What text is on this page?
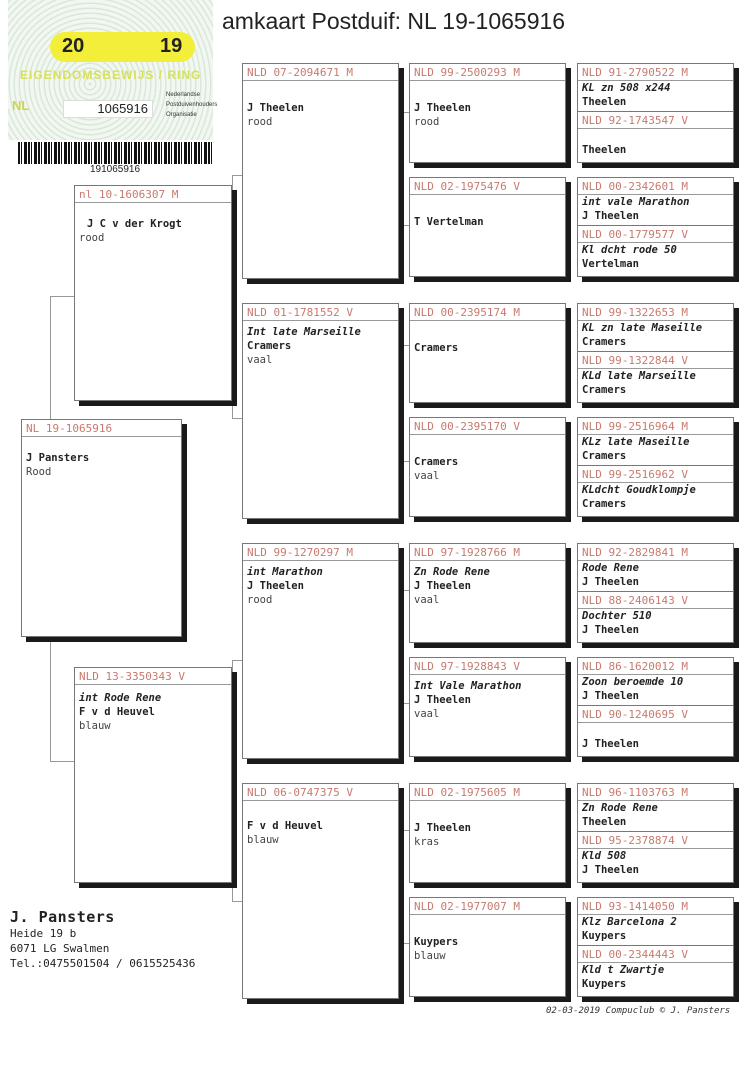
amkaart Postduif: NL 19-1065916
20	19
EIGENDOMSBEWIJS / RING
NL	1065916
Nederlandse
Postduivenhouders
Organisatie
191065916
NL 19-1065916
J Pansters
Rood
nl 10-1606307 M
J C v der Krogt
rood
NLD 13-3350343 V
int Rode Rene
F v d Heuvel
blauw
NLD 07-2094671 M
J Theelen
rood
NLD 01-1781552 V
Int late Marseille
Cramers
vaal
NLD 99-1270297 M
int Marathon
J Theelen
rood
NLD 06-0747375 V
F v d Heuvel
blauw
NLD 99-2500293 M
J Theelen
rood
NLD 02-1975476 V
T Vertelman
NLD 00-2395174 M
Cramers
NLD 00-2395170 V
Cramers
vaal
NLD 97-1928766 M
Zn Rode Rene
J Theelen
vaal
NLD 97-1928843 V
Int Vale Marathon
J Theelen
vaal
NLD 02-1975605 M
J Theelen
kras
NLD 02-1977007 M
Kuypers
blauw
NLD 91-2790522 M
KL zn 508 x244
Theelen
NLD 92-1743547 V
Theelen
NLD 00-2342601 M
int vale Marathon
J Theelen
NLD 00-1779577 V
Kl dcht rode 50
Vertelman
NLD 99-1322653 M
KL zn late Maseille
Cramers
NLD 99-1322844 V
KLd late Marseille
Cramers
NLD 99-2516964 M
KLz late Maseille
Cramers
NLD 99-2516962 V
KLdcht Goudklompje
Cramers
NLD 92-2829841 M
Rode Rene
J Theelen
NLD 88-2406143 V
Dochter 510
J Theelen
NLD 86-1620012 M
Zoon beroemde 10
J Theelen
NLD 90-1240695 V
J Theelen
NLD 96-1103763 M
Zn Rode Rene
Theelen
NLD 95-2378874 V
Kld 508
J Theelen
NLD 93-1414050 M
Klz Barcelona 2
Kuypers
NLD 00-2344443 V
Kld t Zwartje
Kuypers
J. Pansters
Heide 19 b
6071 LG Swalmen
Tel.:0475501504 / 0615525436
02-03-2019 Compuclub © J. Pansters
